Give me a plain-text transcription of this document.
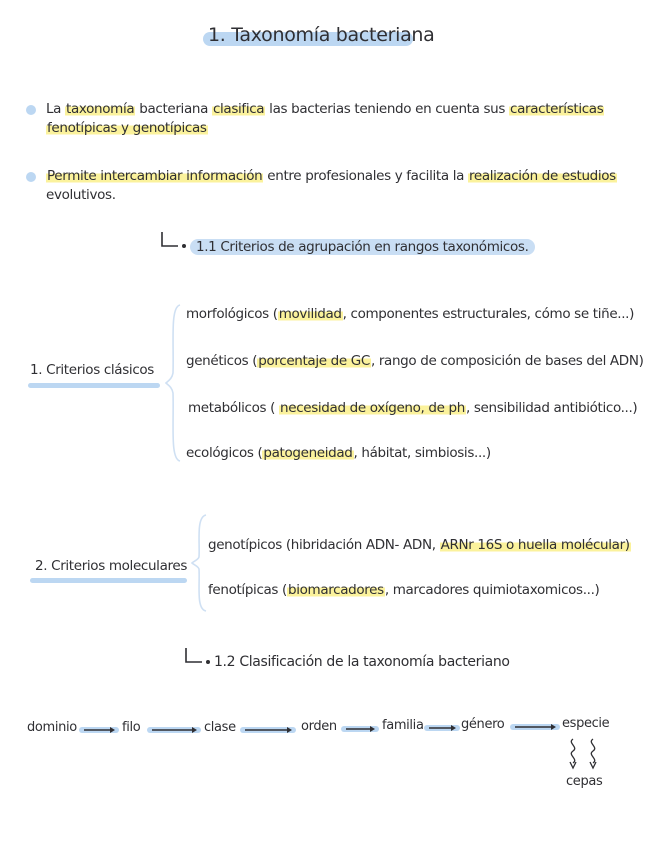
1. Taxonomía bacteriana
La taxonomía bacteriana clasifica las bacterias teniendo en cuenta sus características
fenotípicas y genotípicas
Permite intercambiar información entre profesionales y facilita la realización de estudios
evolutivos.
1.1 Criterios de agrupación en rangos taxonómicos.
1. Criterios clásicos
morfológicos (movilidad, componentes estructurales, cómo se tiñe...)
genéticos (porcentaje de GC, rango de composición de bases del ADN)
metabólicos ( necesidad de oxígeno, de ph, sensibilidad antibiótico...)
ecológicos (patogeneidad, hábitat, simbiosis...)
2. Criterios moleculares
genotípicos (hibridación ADN- ADN, ARNr 16S o huella molécular)
fenotípicas (biomarcadores, marcadores quimiotaxomicos...)
1.2 Clasificación de la taxonomía bacteriano
dominio	filo	clase	orden	familia	género	especie
cepas
